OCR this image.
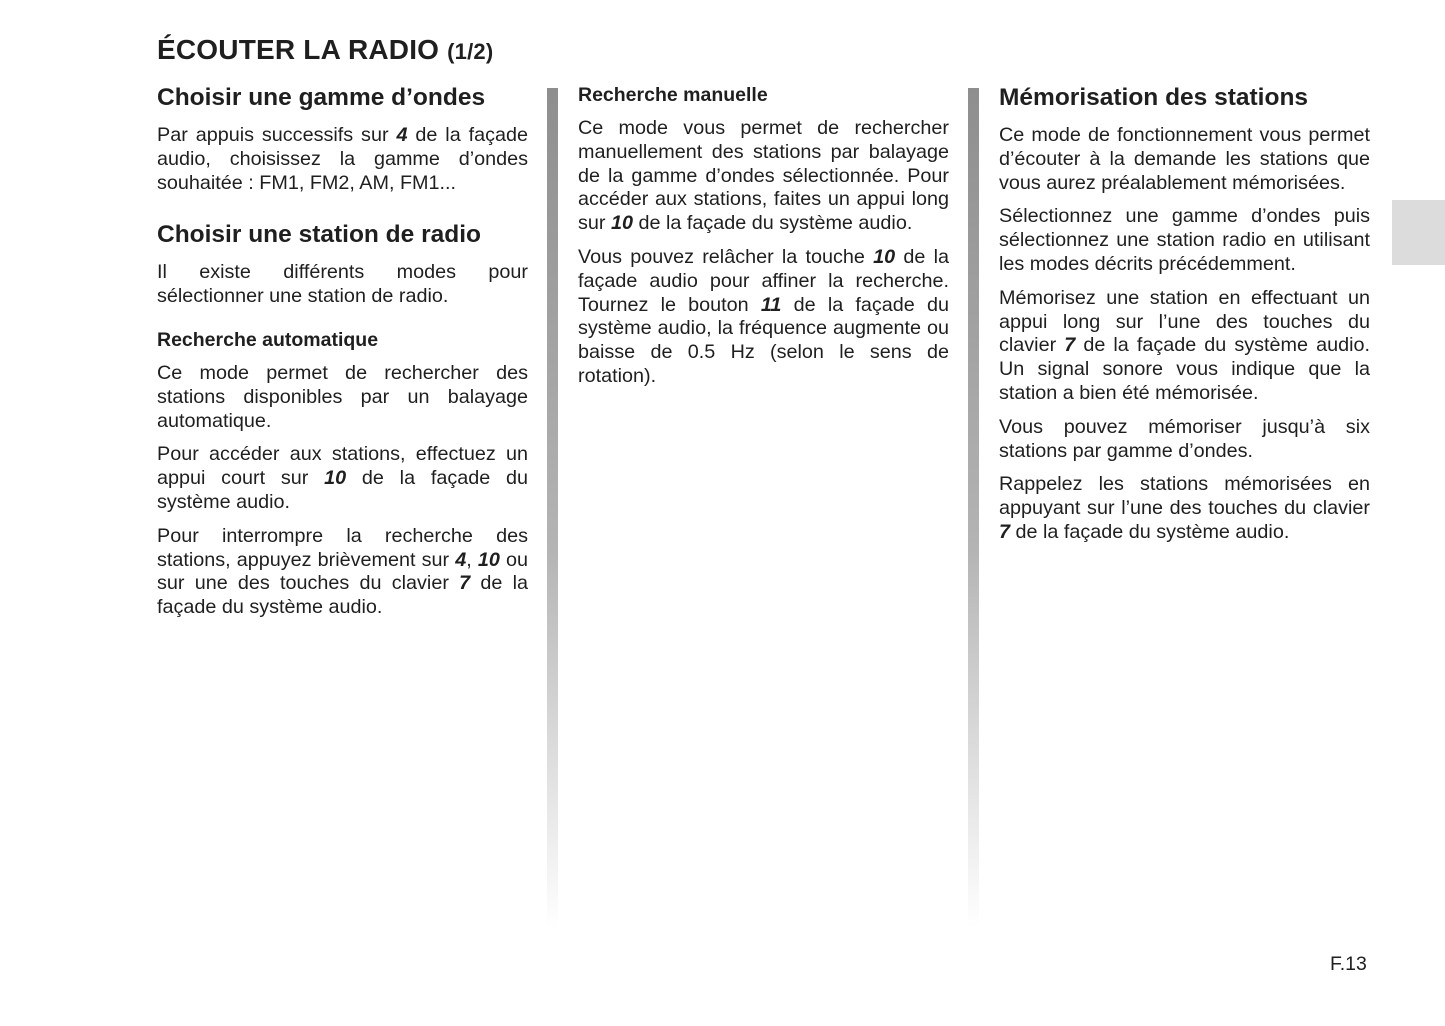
ÉCOUTER LA RADIO (1/2)
Choisir une gamme d’ondes

Par appuis successifs sur 4 de la façade audio, choisissez la gamme d’ondes souhaitée : FM1, FM2, AM, FM1...

Choisir une station de radio

Il existe différents modes pour sélectionner une station de radio.

Recherche automatique

Ce mode permet de rechercher des stations disponibles par un balayage automatique.

Pour accéder aux stations, effectuez un appui court sur 10 de la façade du système audio.

Pour interrompre la recherche des stations, appuyez brièvement sur 4, 10 ou sur une des touches du clavier 7 de la façade du système audio.

Recherche manuelle

Ce mode vous permet de rechercher manuellement des stations par balayage de la gamme d’ondes sélectionnée. Pour accéder aux stations, faites un appui long sur 10 de la façade du système audio.

Vous pouvez relâcher la touche 10 de la façade audio pour affiner la recherche. Tournez le bouton 11 de la façade du système audio, la fréquence augmente ou baisse de 0.5 Hz (selon le sens de rotation).

Mémorisation des stations

Ce mode de fonctionnement vous permet d’écouter à la demande les stations que vous aurez préalablement mémorisées.

Sélectionnez une gamme d’ondes puis sélectionnez une station radio en utilisant les modes décrits précédemment.

Mémorisez une station en effectuant un appui long sur l’une des touches du clavier 7 de la façade du système audio. Un signal sonore vous indique que la station a bien été mémorisée.

Vous pouvez mémoriser jusqu’à six stations par gamme d’ondes.

Rappelez les stations mémorisées en appuyant sur l’une des touches du clavier 7 de la façade du système audio.

F.13
